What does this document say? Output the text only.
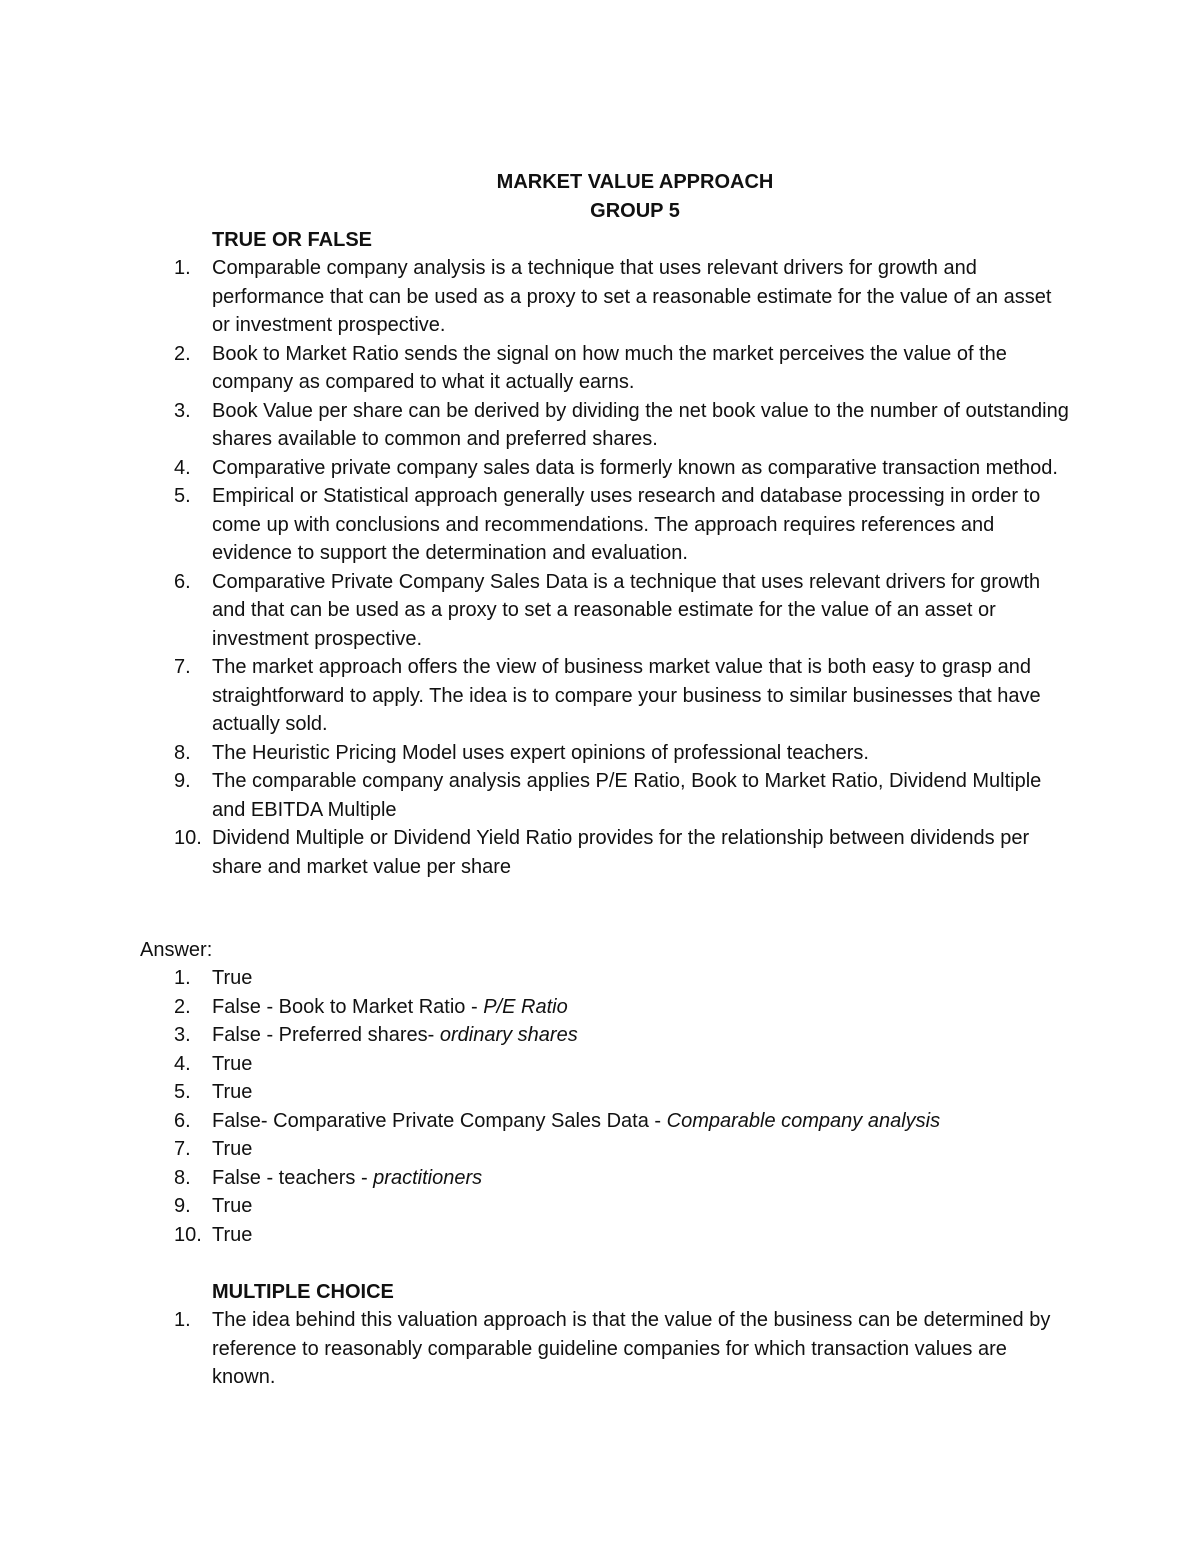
MARKET VALUE APPROACH
GROUP 5
TRUE OR FALSE
1. Comparable company analysis is a technique that uses relevant drivers for growth and performance that can be used as a proxy to set a reasonable estimate for the value of an asset or investment prospective.
2. Book to Market Ratio sends the signal on how much the market perceives the value of the company as compared to what it actually earns.
3. Book Value per share can be derived by dividing the net book value to the number of outstanding shares available to common and preferred shares.
4. Comparative private company sales data is formerly known as comparative transaction method.
5. Empirical or Statistical approach generally uses research and database processing in order to come up with conclusions and recommendations. The approach requires references and evidence to support the determination and evaluation.
6. Comparative Private Company Sales Data is a technique that uses relevant drivers for growth and that can be used as a proxy to set a reasonable estimate for the value of an asset or investment prospective.
7. The market approach offers the view of business market value that is both easy to grasp and straightforward to apply. The idea is to compare your business to similar businesses that have actually sold.
8. The Heuristic Pricing Model uses expert opinions of professional teachers.
9. The comparable company analysis applies P/E Ratio, Book to Market Ratio, Dividend Multiple and EBITDA Multiple
10. Dividend Multiple or Dividend Yield Ratio provides for the relationship between dividends per share and market value per share
Answer:
1. True
2. False - Book to Market Ratio - P/E Ratio
3. False - Preferred shares- ordinary shares
4. True
5. True
6. False- Comparative Private Company Sales Data - Comparable company analysis
7. True
8. False - teachers - practitioners
9. True
10. True
MULTIPLE CHOICE
1. The idea behind this valuation approach is that the value of the business can be determined by reference to reasonably comparable guideline companies for which transaction values are known.
